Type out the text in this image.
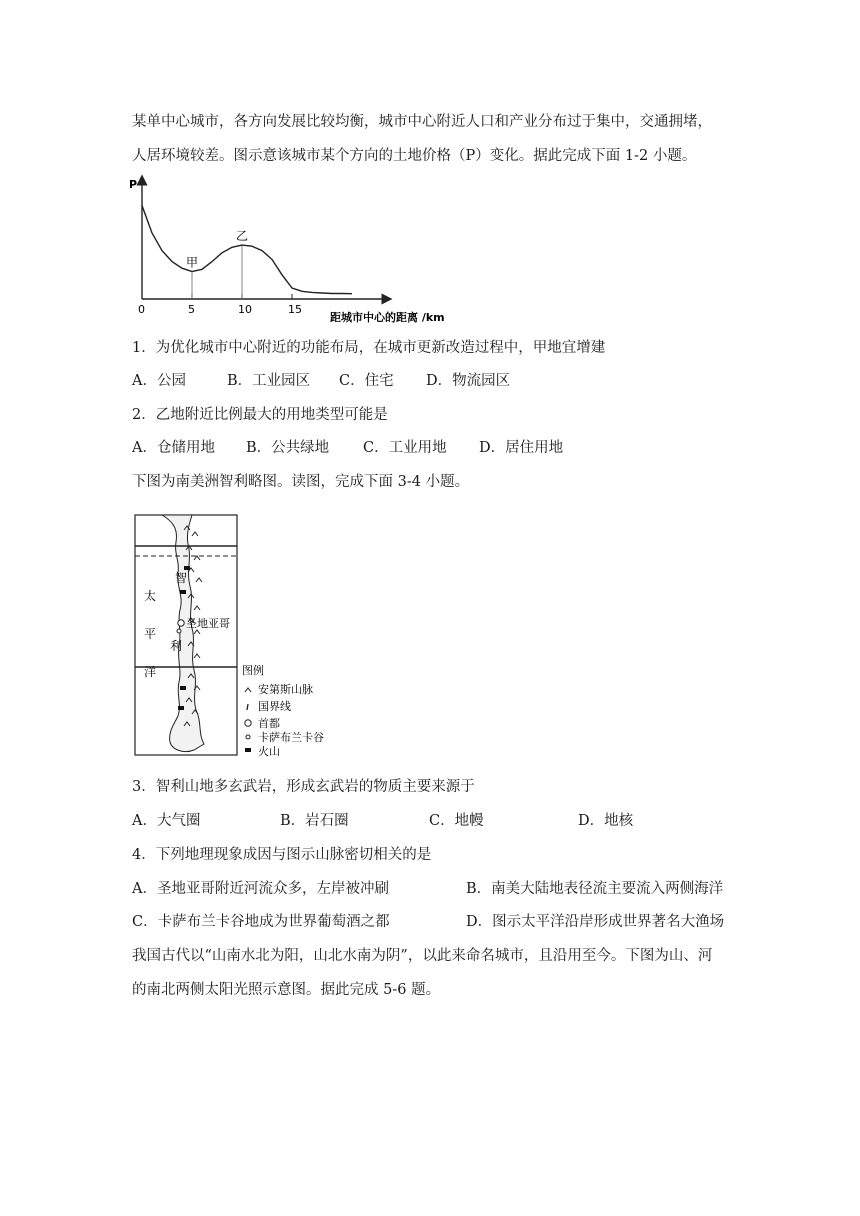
某单中心城市，各方向发展比较均衡，城市中心附近人口和产业分布过于集中，交通拥堵，
人居环境较差。图示意该城市某个方向的土地价格（P）变化。据此完成下面 1-2 小题。
P
距城市中心的距离 /km
0	5	10	15
甲
乙
1．为优化城市中心附近的功能布局，在城市更新改造过程中，甲地宜增建
A．公园	B．工业园区 C．住宅 D．物流园区
2．乙地附近比例最大的用地类型可能是
A．仓储用地 B．公共绿地 C．工业用地 D．居住用地
下图为南美洲智利略图。读图，完成下面 3-4 小题。
圣地亚哥
智
利
太
平
洋	图例
安第斯山脉
国界线
首都
卡萨布兰卡谷
火山
3．智利山地多玄武岩，形成玄武岩的物质主要来源于
A．大气圈	B．岩石圈	C．地幔	D．地核
4．下列地理现象成因与图示山脉密切相关的是
A．圣地亚哥附近河流众多，左岸被冲刷	B．南美大陆地表径流主要流入两侧海洋
C．卡萨布兰卡谷地成为世界葡萄酒之都	D．图示太平洋沿岸形成世界著名大渔场
我国古代以“山南水北为阳，山北水南为阴”，以此来命名城市，且沿用至今。下图为山、河
的南北两侧太阳光照示意图。据此完成 5-6 题。
